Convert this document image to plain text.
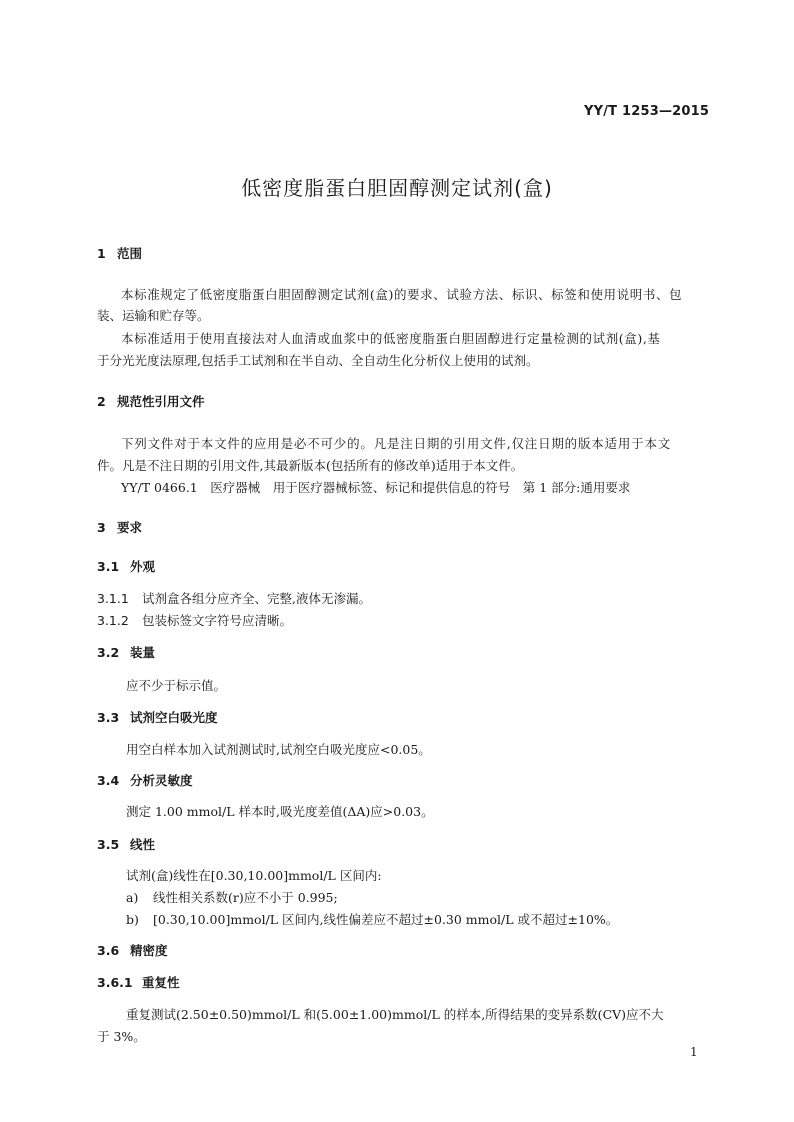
YY/T 1253—2015
低密度脂蛋白胆固醇测定试剂(盒)
1 范围
本标准规定了低密度脂蛋白胆固醇测定试剂(盒)的要求、试验方法、标识、标签和使用说明书、包
装、运输和贮存等。
本标准适用于使用直接法对人血清或血浆中的低密度脂蛋白胆固醇进行定量检测的试剂(盒),基
于分光光度法原理,包括手工试剂和在半自动、全自动生化分析仪上使用的试剂。
2 规范性引用文件
下列文件对于本文件的应用是必不可少的。凡是注日期的引用文件,仅注日期的版本适用于本文
件。凡是不注日期的引用文件,其最新版本(包括所有的修改单)适用于本文件。
YY/T 0466.1　医疗器械　用于医疗器械标签、标记和提供信息的符号　第 1 部分:通用要求
3 要求
3.1 外观
3.1.1 试剂盒各组分应齐全、完整,液体无渗漏。
3.1.2 包装标签文字符号应清晰。
3.2 装量
应不少于标示值。
3.3 试剂空白吸光度
用空白样本加入试剂测试时,试剂空白吸光度应<0.05。
3.4 分析灵敏度
测定 1.00 mmol/L 样本时,吸光度差值(ΔA)应>0.03。
3.5 线性
试剂(盒)线性在[0.30,10.00]mmol/L 区间内:
a) 线性相关系数(r)应不小于 0.995;
b) [0.30,10.00]mmol/L 区间内,线性偏差应不超过±0.30 mmol/L 或不超过±10%。
3.6 精密度
3.6.1 重复性
重复测试(2.50±0.50)mmol/L 和(5.00±1.00)mmol/L 的样本,所得结果的变异系数(CV)应不大
于 3%。
1
